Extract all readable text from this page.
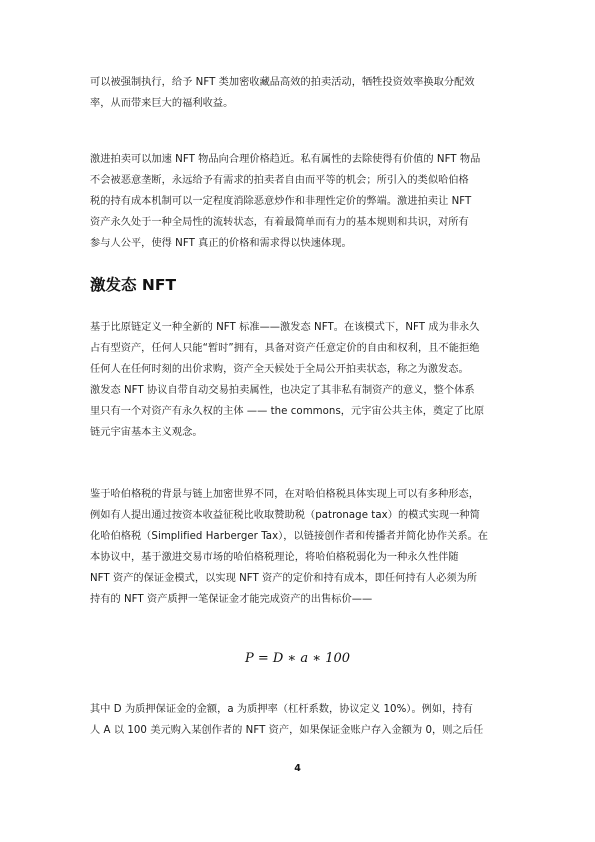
可以被强制执行，给予 NFT 类加密收藏品高效的拍卖活动，牺牲投资效率换取分配效
率，从而带来巨大的福利收益。

激进拍卖可以加速 NFT 物品向合理价格趋近。私有属性的去除使得有价值的 NFT 物品
不会被恶意垄断，永远给予有需求的拍卖者自由而平等的机会；所引入的类似哈伯格
税的持有成本机制可以一定程度消除恶意炒作和非理性定价的弊端。激进拍卖让 NFT
资产永久处于一种全局性的流转状态，有着最简单而有力的基本规则和共识，对所有
参与人公平，使得 NFT 真正的价格和需求得以快速体现。

激发态 NFT

基于比原链定义一种全新的 NFT 标准——激发态 NFT。在该模式下，NFT 成为非永久
占有型资产，任何人只能“暂时”拥有，具备对资产任意定价的自由和权利，且不能拒绝
任何人在任何时刻的出价求购，资产全天候处于全局公开拍卖状态，称之为激发态。
激发态 NFT 协议自带自动交易拍卖属性，也决定了其非私有制资产的意义，整个体系
里只有一个对资产有永久权的主体 —— the commons，元宇宙公共主体，奠定了比原
链元宇宙基本主义观念。

鉴于哈伯格税的背景与链上加密世界不同，在对哈伯格税具体实现上可以有多种形态，
例如有人提出通过按资本收益征税比收取赞助税（patronage tax）的模式实现一种简
化哈伯格税（Simplified Harberger Tax），以链接创作者和传播者并简化协作关系。在
本协议中，基于激进交易市场的哈伯格税理论，将哈伯格税弱化为一种永久性伴随
NFT 资产的保证金模式，以实现 NFT 资产的定价和持有成本，即任何持有人必须为所
持有的 NFT 资产质押一笔保证金才能完成资产的出售标价——

P = D ∗ a ∗ 100

其中 D 为质押保证金的金额，a 为质押率（杠杆系数，协议定义 10%）。例如，持有
人 A 以 100 美元购入某创作者的 NFT 资产，如果保证金账户存入金额为 0，则之后任

4
